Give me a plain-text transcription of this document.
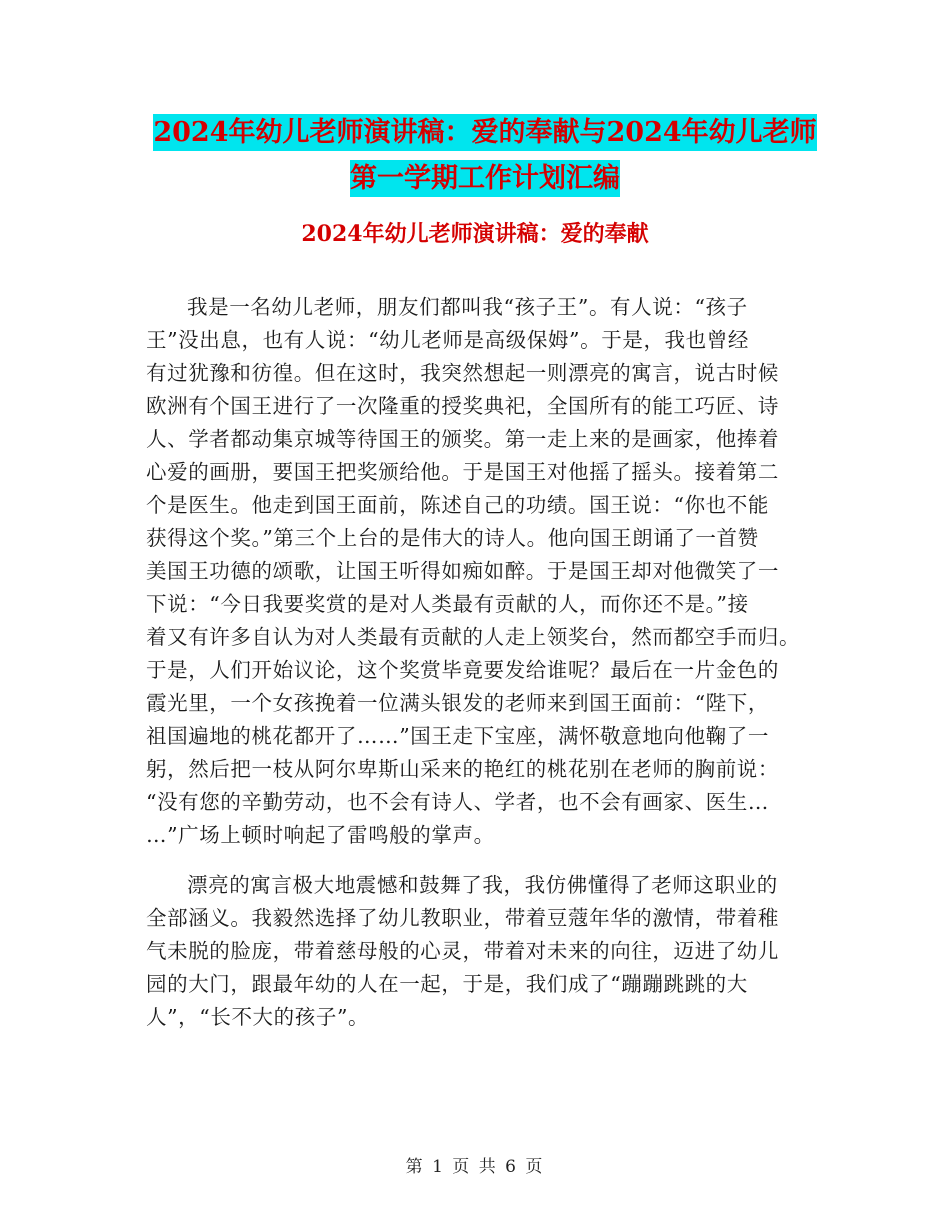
2024年幼儿老师演讲稿：爱的奉献与2024年幼儿老师
第一学期工作计划汇编
2024年幼儿老师演讲稿：爱的奉献
我是一名幼儿老师，朋友们都叫我“孩子王”。有人说：“孩子
王”没出息，也有人说：“幼儿老师是高级保姆”。于是，我也曾经
有过犹豫和彷徨。但在这时，我突然想起一则漂亮的寓言，说古时候
欧洲有个国王进行了一次隆重的授奖典祀，全国所有的能工巧匠、诗
人、学者都动集京城等待国王的颁奖。第一走上来的是画家，他捧着
心爱的画册，要国王把奖颁给他。于是国王对他摇了摇头。接着第二
个是医生。他走到国王面前，陈述自己的功绩。国王说：“你也不能
获得这个奖。”第三个上台的是伟大的诗人。他向国王朗诵了一首赞
美国王功德的颂歌，让国王听得如痴如醉。于是国王却对他微笑了一
下说：“今日我要奖赏的是对人类最有贡献的人，而你还不是。”接
着又有许多自认为对人类最有贡献的人走上领奖台，然而都空手而归。
于是，人们开始议论，这个奖赏毕竟要发给谁呢？最后在一片金色的
霞光里，一个女孩挽着一位满头银发的老师来到国王面前：“陛下，
祖国遍地的桃花都开了……”国王走下宝座，满怀敬意地向他鞠了一
躬，然后把一枝从阿尔卑斯山采来的艳红的桃花别在老师的胸前说：
“没有您的辛勤劳动，也不会有诗人、学者，也不会有画家、医生…
…”广场上顿时响起了雷鸣般的掌声。
漂亮的寓言极大地震憾和鼓舞了我，我仿佛懂得了老师这职业的
全部涵义。我毅然选择了幼儿教职业，带着豆蔻年华的激情，带着稚
气未脱的脸庞，带着慈母般的心灵，带着对未来的向往，迈进了幼儿
园的大门，跟最年幼的人在一起，于是，我们成了“蹦蹦跳跳的大
人”，“长不大的孩子”。
第 1 页 共 6 页
